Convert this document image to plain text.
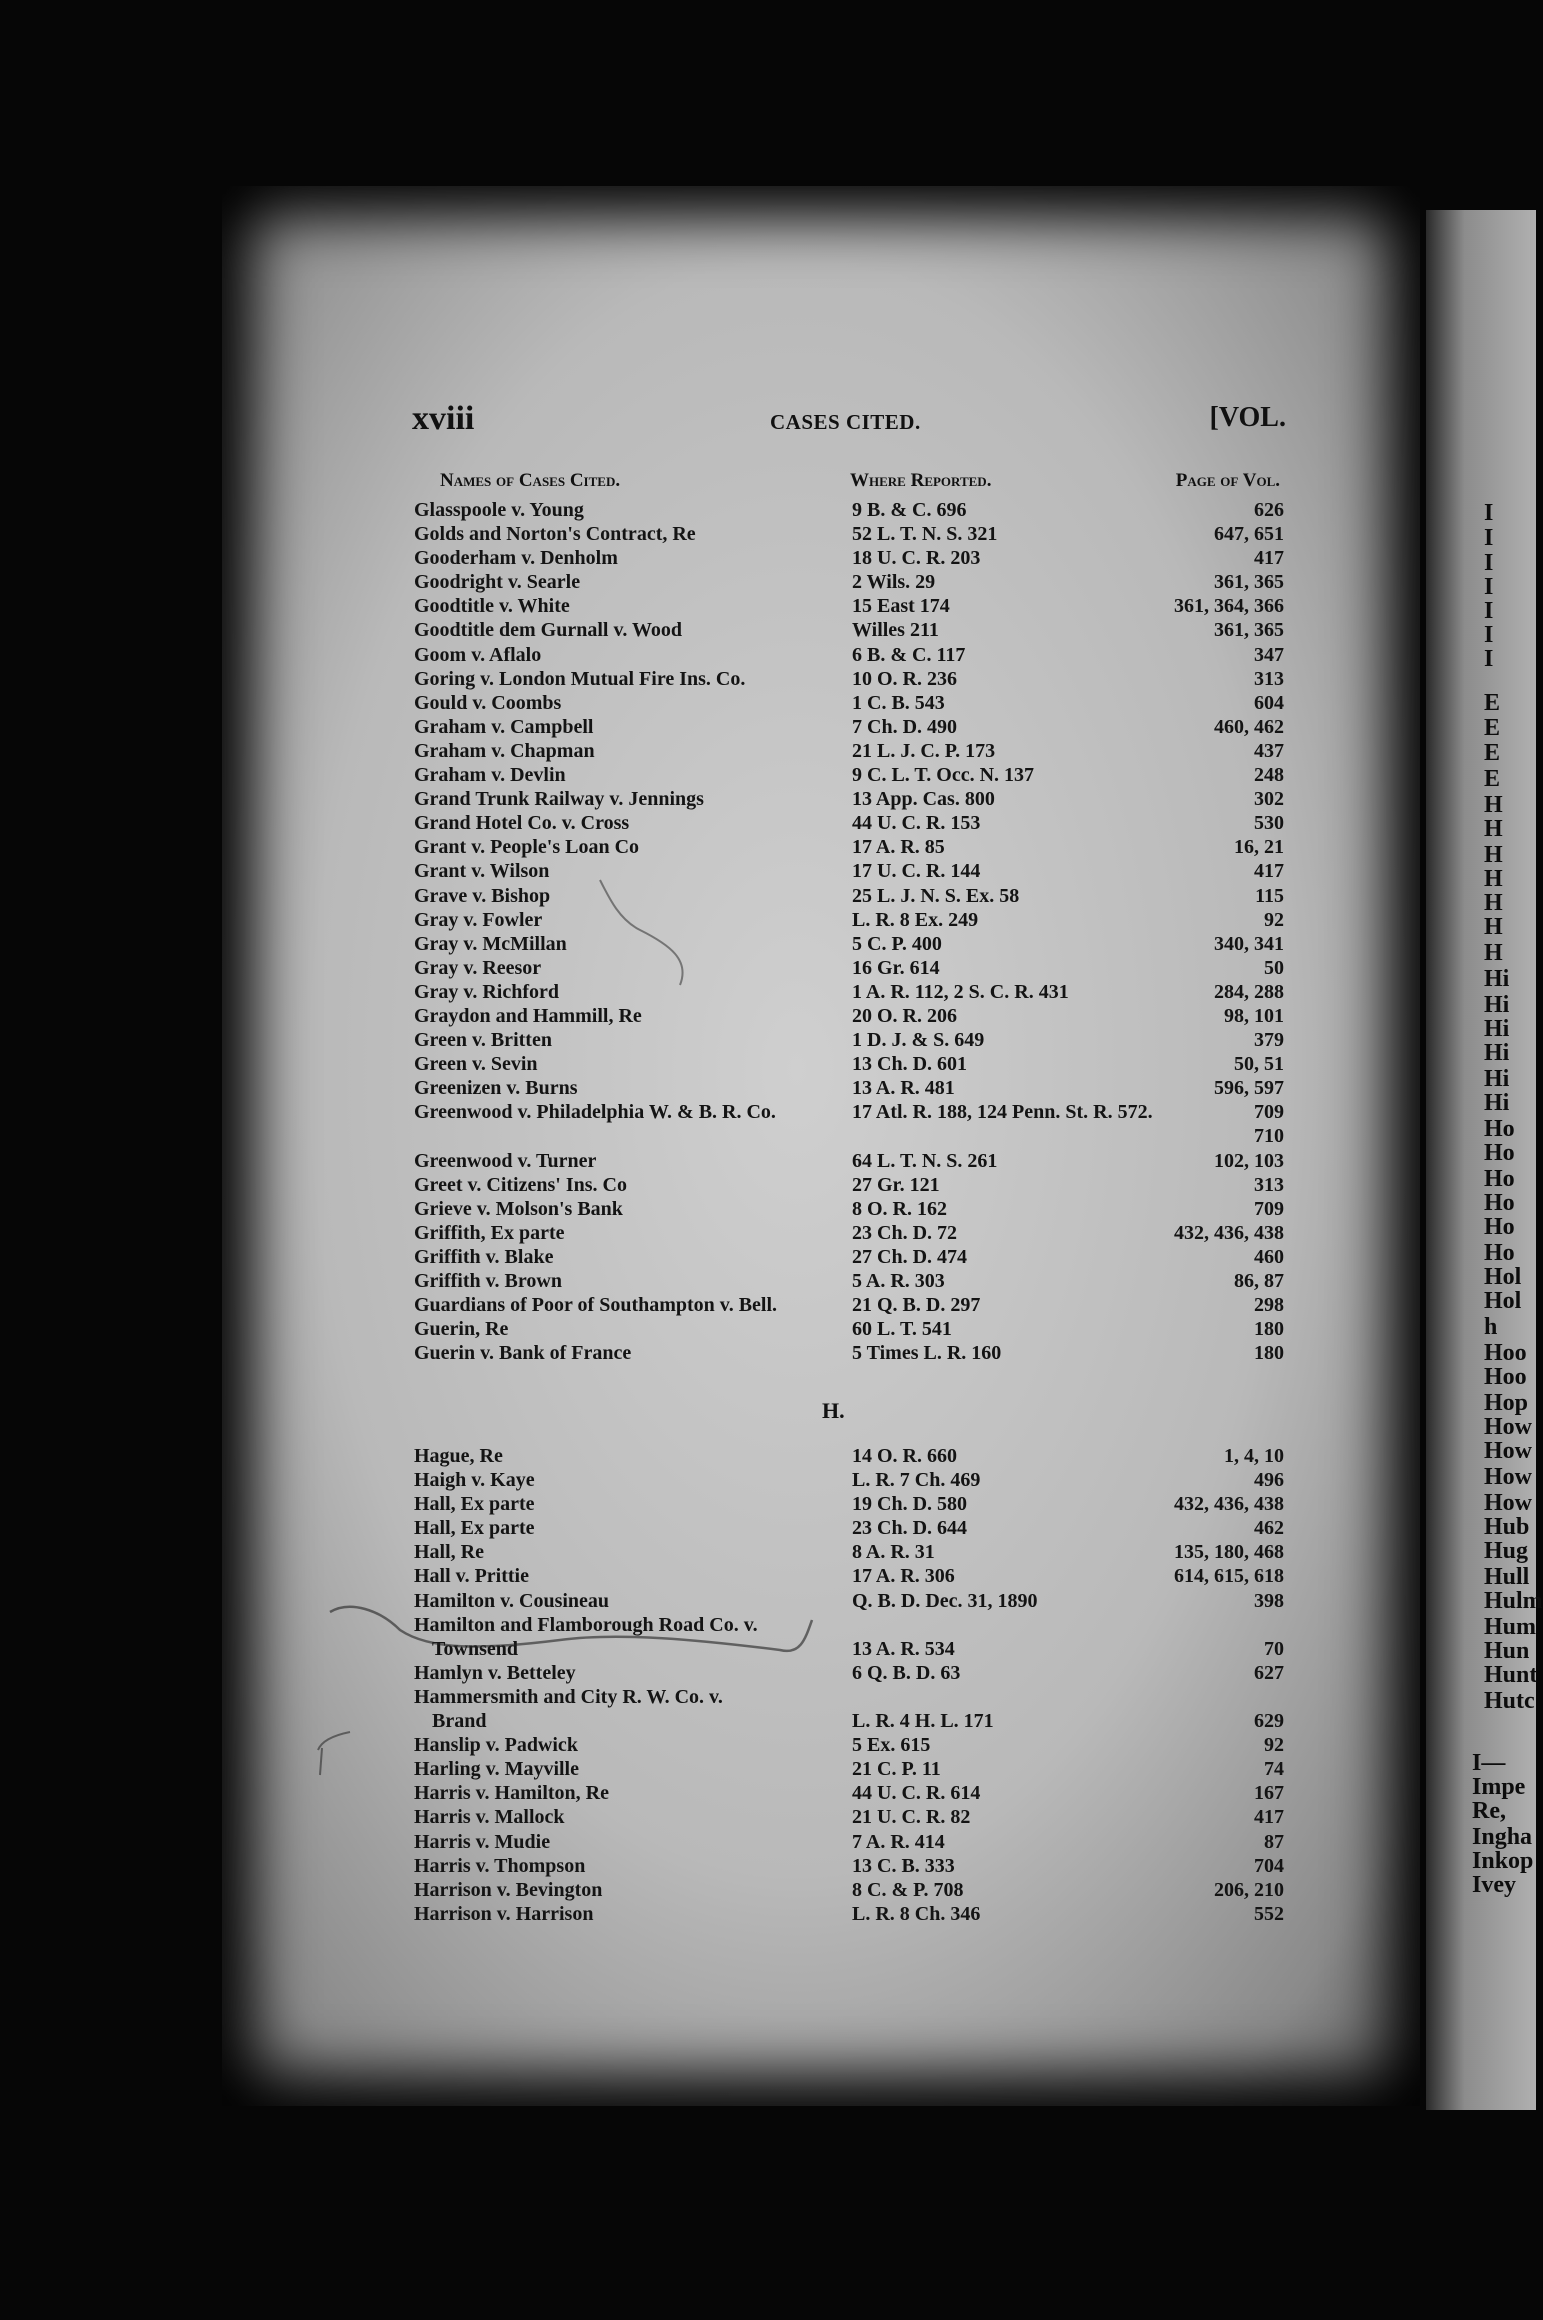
I
I
I
I
I
I
I
E
E
E
E
H
H
H
H
H
H
H
Hi
Hi
Hi
Hi
Hi
Hi
Ho
Ho
Ho
Ho
Ho
Ho
Hol
Hol
h
Hoo
Hoo
Hop
How
How
How
How
Hub
Hug
Hull
Hulm
Hum
Hun
Hunt
Hutc
I—
Impe
Re,
Ingha
Inkop
Ivey
xviii	CASES CITED.	[VOL.
Names of Cases Cited.	Where Reported.	Page of Vol.
Glasspoole v. Young	9 B. & C. 696	626
Golds and Norton's Contract, Re	52 L. T. N. S. 321	647, 651
Gooderham v. Denholm	18 U. C. R. 203	417
Goodright v. Searle	2 Wils. 29	361, 365
Goodtitle v. White	15 East 174	361, 364, 366
Goodtitle dem Gurnall v. Wood	Willes 211	361, 365
Goom v. Aflalo	6 B. & C. 117	347
Goring v. London Mutual Fire Ins. Co.	10 O. R. 236	313
Gould v. Coombs	1 C. B. 543	604
Graham v. Campbell	7 Ch. D. 490	460, 462
Graham v. Chapman	21 L. J. C. P. 173	437
Graham v. Devlin	9 C. L. T. Occ. N. 137	248
Grand Trunk Railway v. Jennings	13 App. Cas. 800	302
Grand Hotel Co. v. Cross	44 U. C. R. 153	530
Grant v. People's Loan Co	17 A. R. 85	16, 21
Grant v. Wilson	17 U. C. R. 144	417
Grave v. Bishop	25 L. J. N. S. Ex. 58	115
Gray v. Fowler	L. R. 8 Ex. 249	92
Gray v. McMillan	5 C. P. 400	340, 341
Gray v. Reesor	16 Gr. 614	50
Gray v. Richford	1 A. R. 112, 2 S. C. R. 431	284, 288
Graydon and Hammill, Re	20 O. R. 206	98, 101
Green v. Britten	1 D. J. & S. 649	379
Green v. Sevin	13 Ch. D. 601	50, 51
Greenizen v. Burns	13 A. R. 481	596, 597
Greenwood v. Philadelphia W. & B. R. Co.	17 Atl. R. 188, 124 Penn. St. R. 572.	709
710
Greenwood v. Turner	64 L. T. N. S. 261	102, 103
Greet v. Citizens' Ins. Co	27 Gr. 121	313
Grieve v. Molson's Bank	8 O. R. 162	709
Griffith, Ex parte	23 Ch. D. 72	432, 436, 438
Griffith v. Blake	27 Ch. D. 474	460
Griffith v. Brown	5 A. R. 303	86, 87
Guardians of Poor of Southampton v. Bell.	21 Q. B. D. 297	298
Guerin, Re	60 L. T. 541	180
Guerin v. Bank of France	5 Times L. R. 160	180
H.
Hague, Re	14 O. R. 660	1, 4, 10
Haigh v. Kaye	L. R. 7 Ch. 469	496
Hall, Ex parte	19 Ch. D. 580	432, 436, 438
Hall, Ex parte	23 Ch. D. 644	462
Hall, Re	8 A. R. 31	135, 180, 468
Hall v. Prittie	17 A. R. 306	614, 615, 618
Hamilton v. Cousineau	Q. B. D. Dec. 31, 1890	398
Hamilton and Flamborough Road Co. v.
Townsend	13 A. R. 534	70
Hamlyn v. Betteley	6 Q. B. D. 63	627
Hammersmith and City R. W. Co. v.
Brand	L. R. 4 H. L. 171	629
Hanslip v. Padwick	5 Ex. 615	92
Harling v. Mayville	21 C. P. 11	74
Harris v. Hamilton, Re	44 U. C. R. 614	167
Harris v. Mallock	21 U. C. R. 82	417
Harris v. Mudie	7 A. R. 414	87
Harris v. Thompson	13 C. B. 333	704
Harrison v. Bevington	8 C. & P. 708	206, 210
Harrison v. Harrison	L. R. 8 Ch. 346	552
